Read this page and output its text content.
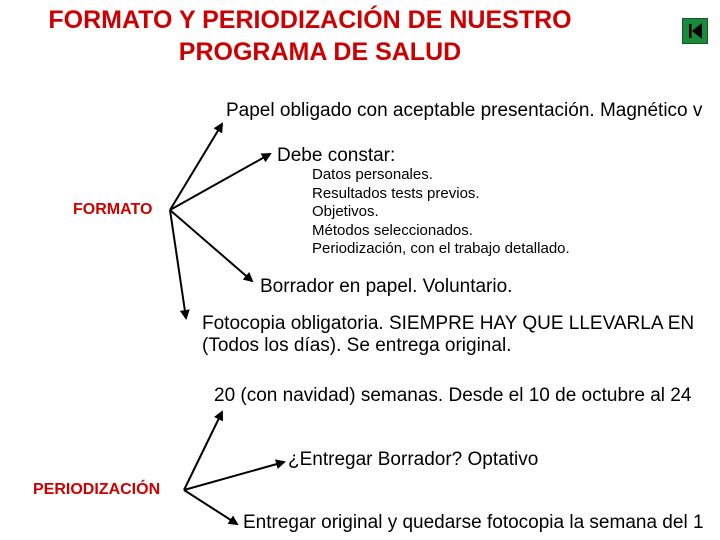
FORMATO Y PERIODIZACIÓN DE NUESTRO
PROGRAMA DE SALUD
FORMATO
Papel obligado con aceptable presentación. Magnético v
Debe constar:
Datos personales.
Resultados tests previos.
Objetivos.
Métodos seleccionados.
Periodización, con el trabajo detallado.
Borrador en papel. Voluntario.
Fotocopia obligatoria. SIEMPRE HAY QUE LLEVARLA EN
(Todos los días). Se entrega original.
20 (con navidad) semanas. Desde el 10 de octubre al 24
¿Entregar Borrador? Optativo
PERIODIZACIÓN
Entregar original y quedarse fotocopia la semana del 1
